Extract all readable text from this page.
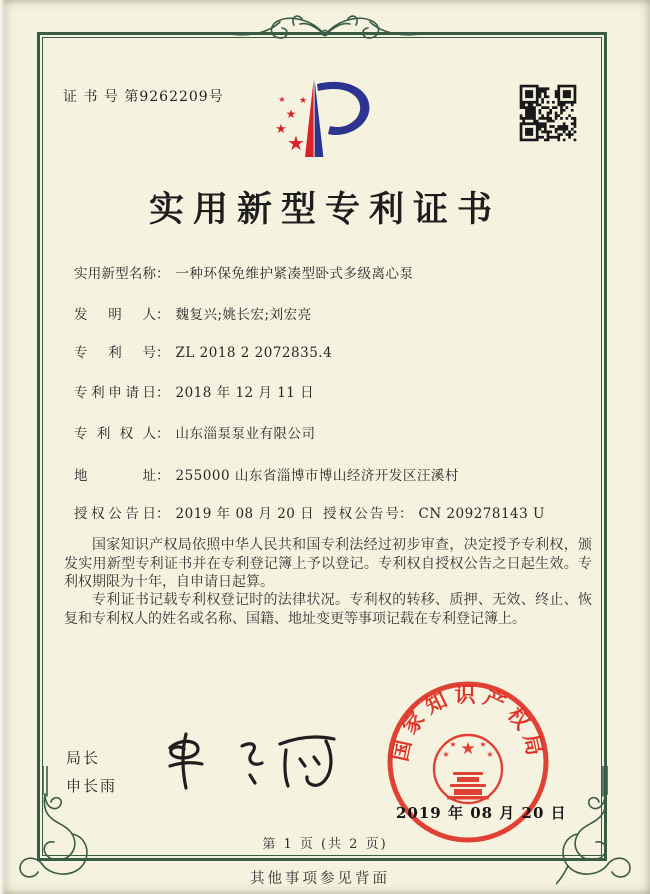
证 书 号 第9262209号
★
★
★
★
★
实用新型专利证书
实用新型名称： 一种环保免维护紧凑型卧式多级离心泵
发明人： 魏复兴;姚长宏;刘宏亮
专利号： ZL 2018 2 2072835.4
专利申请日： 2018 年 12 月 11 日
专利权人： 山东淄泵泵业有限公司
地址： 255000 山东省淄博市博山经济开发区汪溪村
授权公告日： 2019 年 08 月 20 日 授权公告号： CN 209278143 U
国家知识产权局依照中华人民共和国专利法经过初步审查，决定授予专利权，颁发实用新型专利证书并在专利登记簿上予以登记。专利权自授权公告之日起生效。专利权期限为十年，自申请日起算。
专利证书记载专利权登记时的法律状况。专利权的转移、质押、无效、终止、恢复和专利权人的姓名或名称、国籍、地址变更等事项记载在专利登记簿上。
局长
申长雨
国家知识产权局
★
★	★
★	★
2019 年 08 月 20 日
第 1 页 (共 2 页)
其他事项参见背面
